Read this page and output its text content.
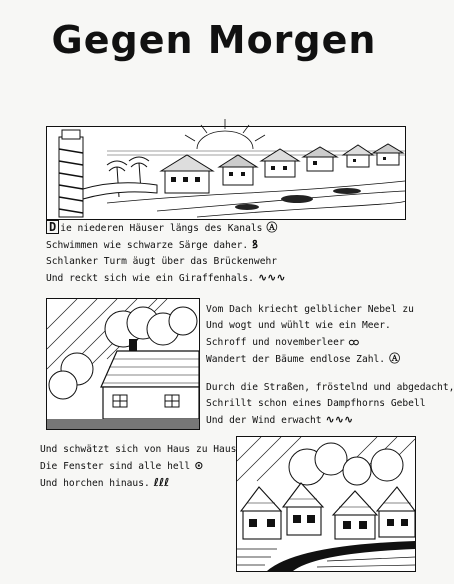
Gegen Morgen
D ie niederen Häuser längs des Kanals Ⓐ
Schwimmen wie schwarze Särge daher. ꝸ
Schlanker Turm äugt über das Brückenwehr
Und reckt sich wie ein Giraffenhals. ∿∿∿
Vom Dach kriecht gelblicher Nebel zu
Und wogt und wühlt wie ein Meer.
Schroff und novemberleer ထ
Wandert der Bäume endlose Zahl. Ⓐ
Durch die Straßen, fröstelnd und abgedacht,
Schrillt schon eines Dampfhorns Gebell
Und der Wind erwacht ∿∿∿
Und schwätzt sich von Haus zu Haus
Die Fenster sind alle hell ⊙
Und horchen hinaus. ℓℓℓ
